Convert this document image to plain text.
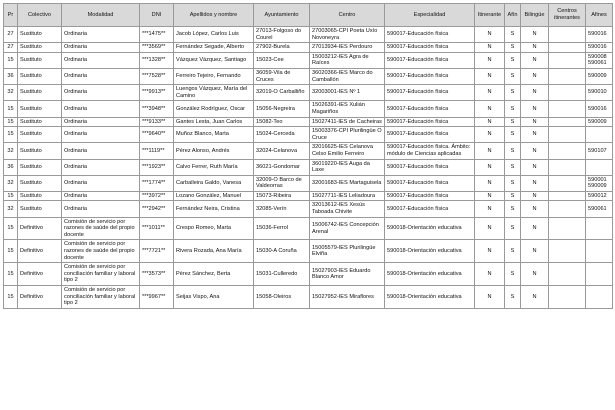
Pr	Colectivo	Modalidad	DNI	Apellidos y nombre	Ayuntamiento	Centro	Especialidad	Itinerante	Afín	Bilingüe	Centros itinerantes	Afines
27	Sustituto	Ordinaria	***1475**	Jacob López, Carlos Luis	27013-Folgoso do Courel	27003065-CPI Poeta Uxío Novoneyra	590017-Educación física	N	S	N		590016
27	Sustituto	Ordinaria	***3569**	Fernández Segade, Alberto	27902-Burela	27013934-IES Perdouro	590017-Educación física	N	S	N		590016
15	Sustituto	Ordinaria	***1328**	Vázquez Vázquez, Santiago	15023-Cee	15003212-IES Agra de Raíces	590017-Educación física	N	S	N		590008 590061
36	Sustituto	Ordinaria	***7528**	Ferreiro Tejeiro, Fernando	36059-Vila de Cruces	36020366-IES Marco do Camballón	590017-Educación física	N	S	N		590009
32	Sustituto	Ordinaria	***9913**	Luengos Vázquez, María del Camino	32019-O Carballiño	32003001-IES Nº 1	590017-Educación física	N	S	N		590010
15	Sustituto	Ordinaria	***3948**	González Rodríguez, Oscar	15056-Negreira	15026391-IES Xulián Magariños	590017-Educación física	N	S	N		590016
15	Sustituto	Ordinaria	***9133**	Gantes Lesta, Juan Carlos	15082-Teo	15027411-IES de Cacheiras	590017-Educación física	N	S	N		590009
15	Sustituto	Ordinaria	***9640**	Muñoz Blanco, Marta	15024-Cerceda	15003376-CPI Plurilingüe O Cruce	590017-Educación física	N	S	N		
32	Sustituto	Ordinaria	***1119**	Pérez Alonso, Andrés	32024-Celanova	32016625-IES Celanova Celso Emilio Ferreiro	590017-Educación física. Ámbito: módulo de Ciencias aplicadas	N	S	N		590107
36	Sustituto	Ordinaria	***1923**	Calvo Ferrer, Ruth María	36021-Gondomar	36019220-IES Auga da Laxe	590017-Educación física	N	S	N		
32	Sustituto	Ordinaria	***1774**	Carballeira Galdo, Vanesa	32009-O Barco de Valdeorras	32001683-IES Martaguisela	590017-Educación física	N	S	N		590001 590009
15	Sustituto	Ordinaria	***3972**	Lozano González, Manuel	15073-Ribeira	15027711-IES Leliadoura	590017-Educación física	N	S	N		590012
32	Sustituto	Ordinaria	***2942**	Fernández Neira, Cristina	32085-Verín	32013612-IES Xesús Taboada Chivite	590017-Educación física	N	S	N		590061
15	Definitivo	Comisión de servicio por razones de saúde del propio docente	***1011**	Crespo Romeo, Marta	15036-Ferrol	15006742-IES Concepción Arenal	590018-Orientación educativa	N	S	N		
15	Definitivo	Comisión de servicio por razones de saúde del propio docente	***7721**	Rivera Rozada, Ana María	15030-A Coruña	15005579-IES Plurilingüe Elviña	590018-Orientación educativa	N	S	N		
15	Definitivo	Comisión de servicio por conciliación familiar y laboral tipo 2	***3573**	Pérez Sánchez, Berta	15031-Culleredo	15027903-IES Eduardo Blanco Amor	590018-Orientación educativa	N	S	N		
15	Definitivo	Comisión de servicio por conciliación familiar y laboral tipo 2	***9967**	Seijas Vispo, Ana	15058-Oleiros	15027952-IES Miraflores	590018-Orientación educativa	N	S	N		
